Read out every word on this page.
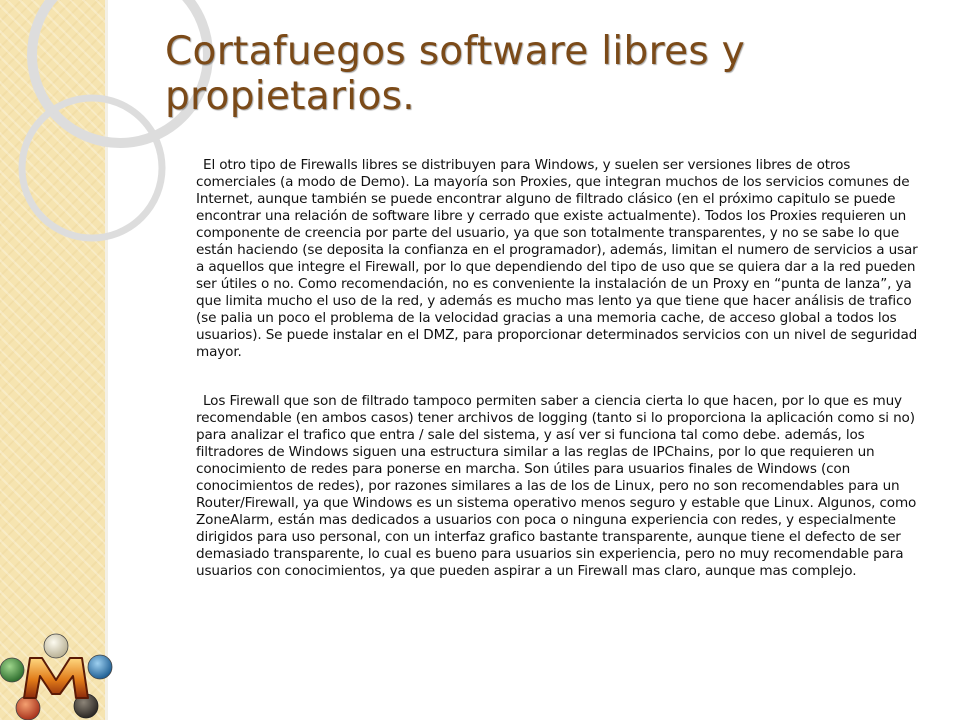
Cortafuegos software libres y propietarios.

El otro tipo de Firewalls libres se distribuyen para Windows, y suelen ser versiones libres de otros comerciales (a modo de Demo). La mayoría son Proxies, que integran muchos de los servicios comunes de Internet, aunque también se puede encontrar alguno de filtrado clásico (en el próximo capitulo se puede encontrar una relación de software libre y cerrado que existe actualmente). Todos los Proxies requieren un componente de creencia por parte del usuario, ya que son totalmente transparentes, y no se sabe lo que están haciendo (se deposita la confianza en el programador), además, limitan el numero de servicios a usar a aquellos que integre el Firewall, por lo que dependiendo del tipo de uso que se quiera dar a la red pueden ser útiles o no. Como recomendación, no es conveniente la instalación de un Proxy en “punta de lanza”, ya que limita mucho el uso de la red, y además es mucho mas lento ya que tiene que hacer análisis de trafico (se palia un poco el problema de la velocidad gracias a una memoria cache, de acceso global a todos los usuarios). Se puede instalar en el DMZ, para proporcionar determinados servicios con un nivel de seguridad mayor.

Los Firewall que son de filtrado tampoco permiten saber a ciencia cierta lo que hacen, por lo que es muy recomendable (en ambos casos) tener archivos de logging (tanto si lo proporciona la aplicación como si no) para analizar el trafico que entra / sale del sistema, y así ver si funciona tal como debe. además, los filtradores de Windows siguen una estructura similar a las reglas de IPChains, por lo que requieren un conocimiento de redes para ponerse en marcha. Son útiles para usuarios finales de Windows (con conocimientos de redes), por razones similares a las de los de Linux, pero no son recomendables para un Router/Firewall, ya que Windows es un sistema operativo menos seguro y estable que Linux. Algunos, como ZoneAlarm, están mas dedicados a usuarios con poca o ninguna experiencia con redes, y especialmente dirigidos para uso personal, con un interfaz grafico bastante transparente, aunque tiene el defecto de ser demasiado transparente, lo cual es bueno para usuarios sin experiencia, pero no muy recomendable para usuarios con conocimientos, ya que pueden aspirar a un Firewall mas claro, aunque mas complejo.
